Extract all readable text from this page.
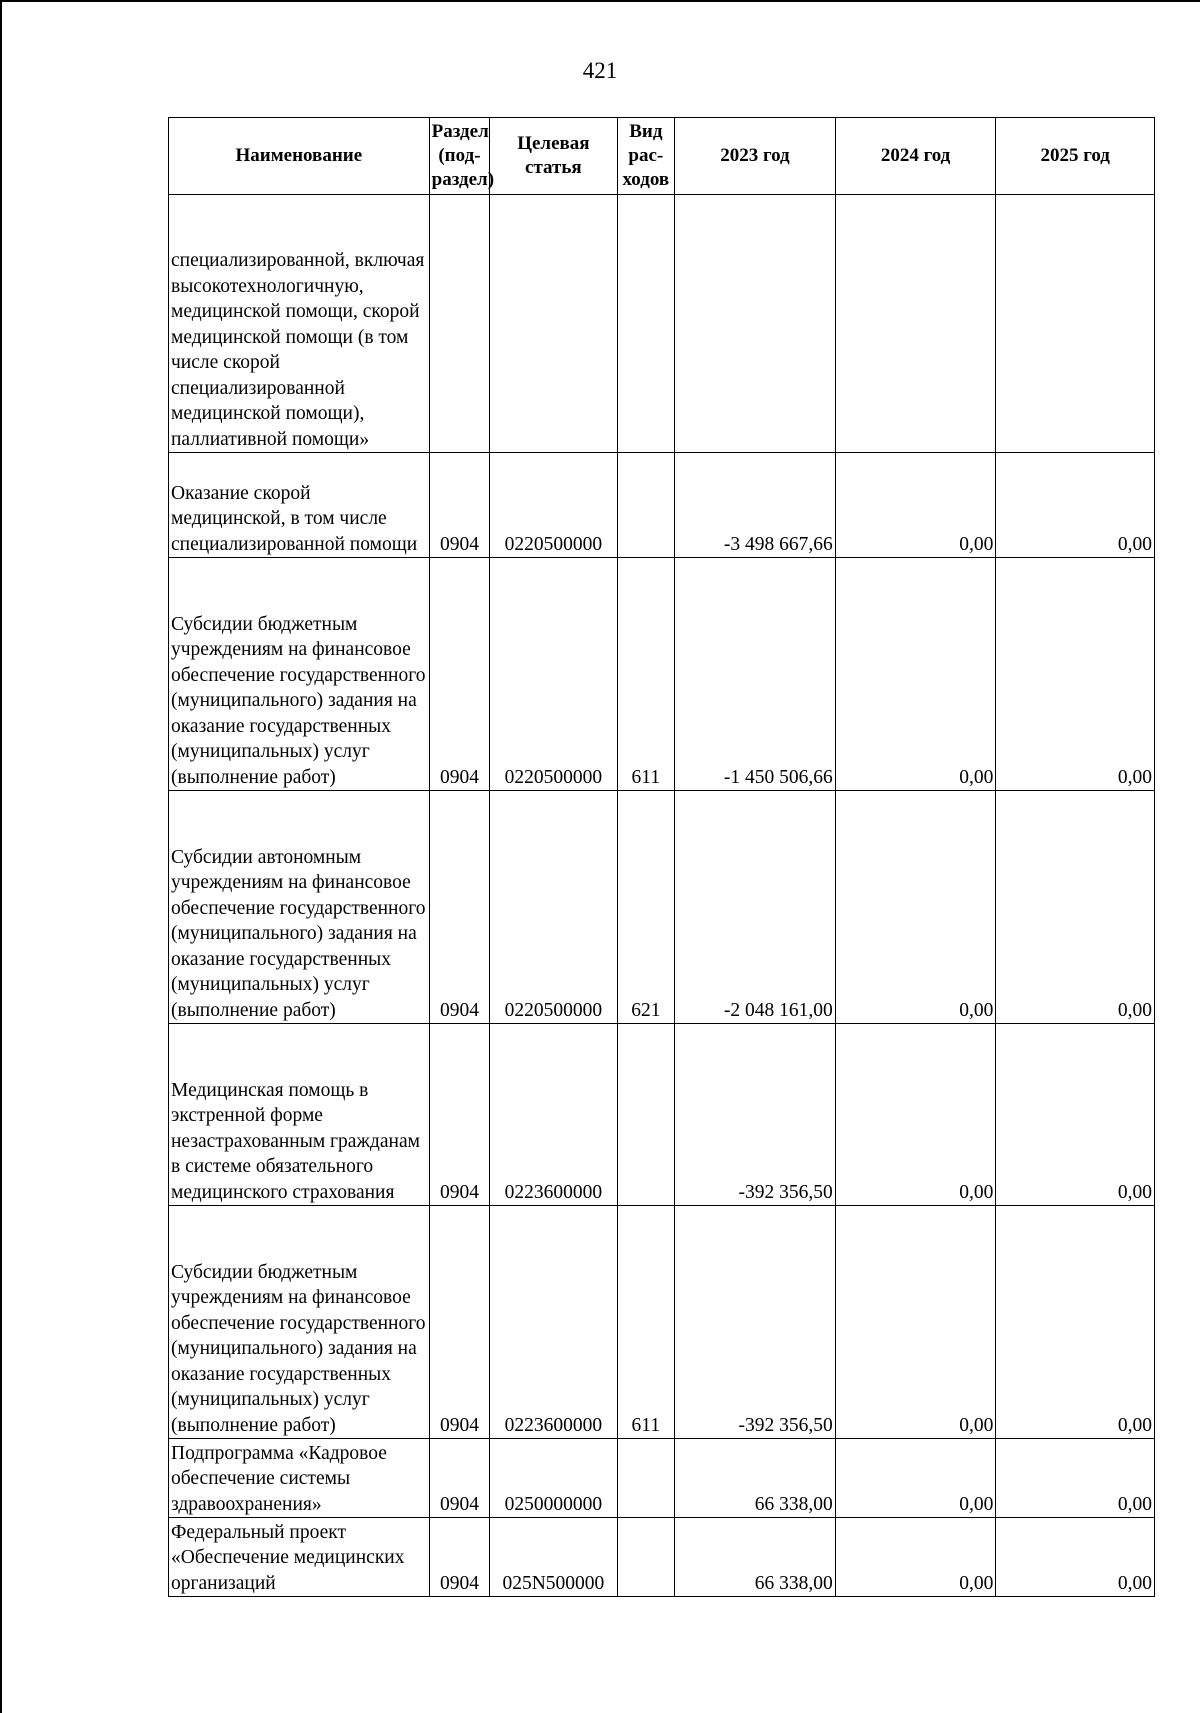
421
Наименование	Раздел (под-раздел)	Целевая статья	Вид рас-ходов	2023 год	2024 год	2025 год
специализированной, включая высокотехнологичную, медицинской помощи, скорой медицинской помощи (в том числе скорой специализированной медицинской помощи), паллиативной помощи»						
Оказание скорой медицинской, в том числе специализированной помощи	0904	0220500000		-3 498 667,66	0,00	0,00
Субсидии бюджетным учреждениям на финансовое обеспечение государственного (муниципального) задания на оказание государственных (муниципальных) услуг (выполнение работ)	0904	0220500000	611	-1 450 506,66	0,00	0,00
Субсидии автономным учреждениям на финансовое обеспечение государственного (муниципального) задания на оказание государственных (муниципальных) услуг (выполнение работ)	0904	0220500000	621	-2 048 161,00	0,00	0,00
Медицинская помощь в экстренной форме незастрахованным гражданам в системе обязательного медицинского страхования	0904	0223600000		-392 356,50	0,00	0,00
Субсидии бюджетным учреждениям на финансовое обеспечение государственного (муниципального) задания на оказание государственных (муниципальных) услуг (выполнение работ)	0904	0223600000	611	-392 356,50	0,00	0,00
Подпрограмма «Кадровое обеспечение системы здравоохранения»	0904	0250000000		66 338,00	0,00	0,00
Федеральный проект «Обеспечение медицинских организаций	0904	025N500000		66 338,00	0,00	0,00
